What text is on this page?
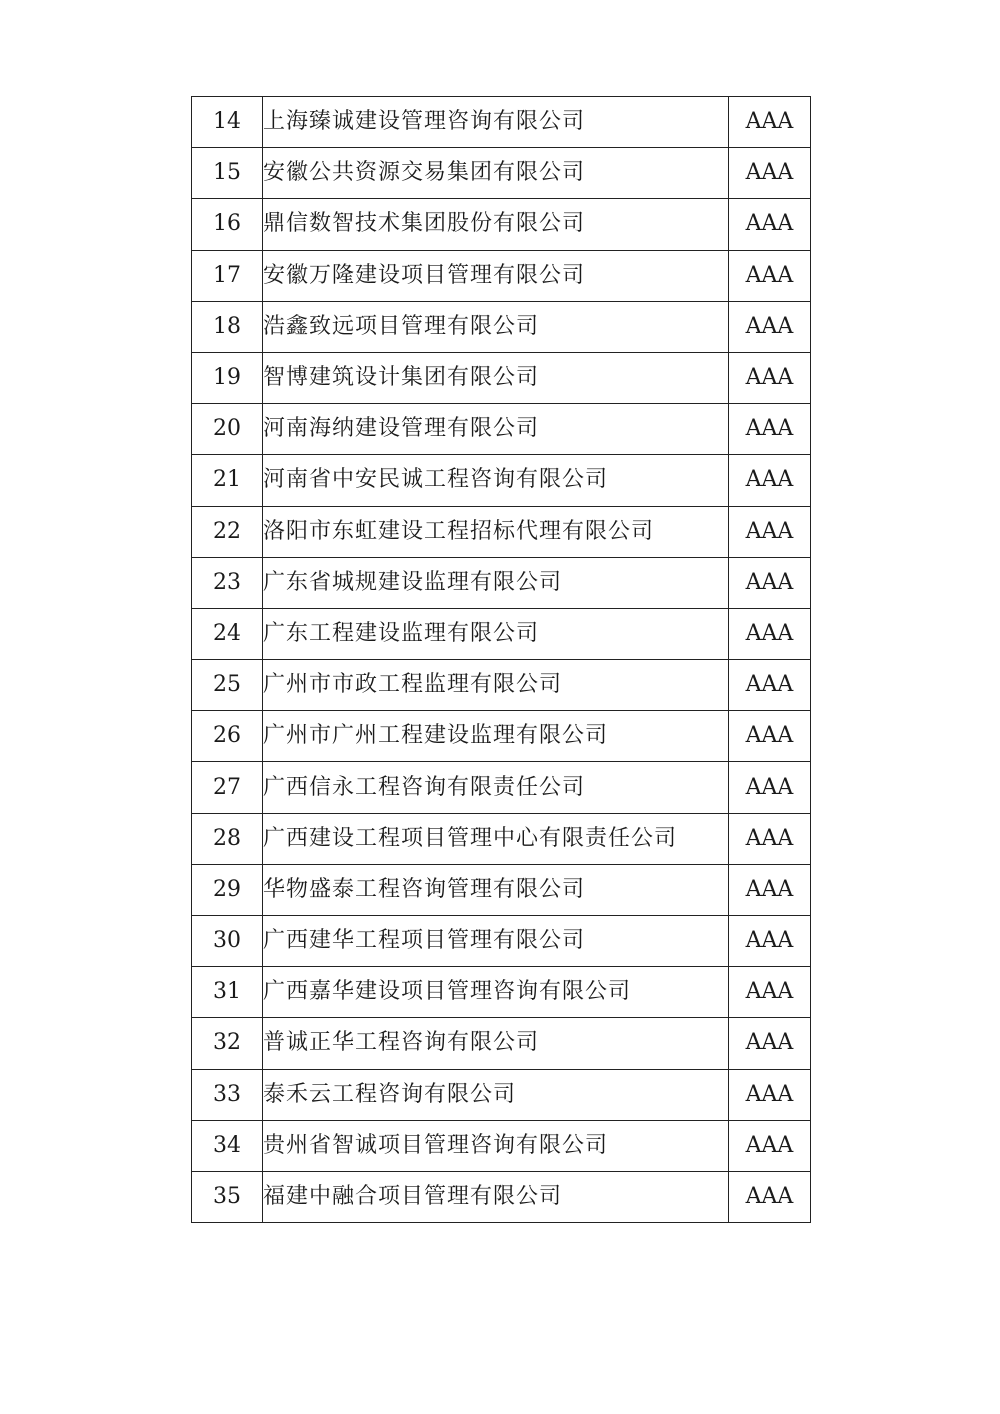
14	上海臻诚建设管理咨询有限公司	AAA
15	安徽公共资源交易集团有限公司	AAA
16	鼎信数智技术集团股份有限公司	AAA
17	安徽万隆建设项目管理有限公司	AAA
18	浩鑫致远项目管理有限公司	AAA
19	智博建筑设计集团有限公司	AAA
20	河南海纳建设管理有限公司	AAA
21	河南省中安民诚工程咨询有限公司	AAA
22	洛阳市东虹建设工程招标代理有限公司	AAA
23	广东省城规建设监理有限公司	AAA
24	广东工程建设监理有限公司	AAA
25	广州市市政工程监理有限公司	AAA
26	广州市广州工程建设监理有限公司	AAA
27	广西信永工程咨询有限责任公司	AAA
28	广西建设工程项目管理中心有限责任公司	AAA
29	华物盛泰工程咨询管理有限公司	AAA
30	广西建华工程项目管理有限公司	AAA
31	广西嘉华建设项目管理咨询有限公司	AAA
32	普诚正华工程咨询有限公司	AAA
33	泰禾云工程咨询有限公司	AAA
34	贵州省智诚项目管理咨询有限公司	AAA
35	福建中融合项目管理有限公司	AAA
